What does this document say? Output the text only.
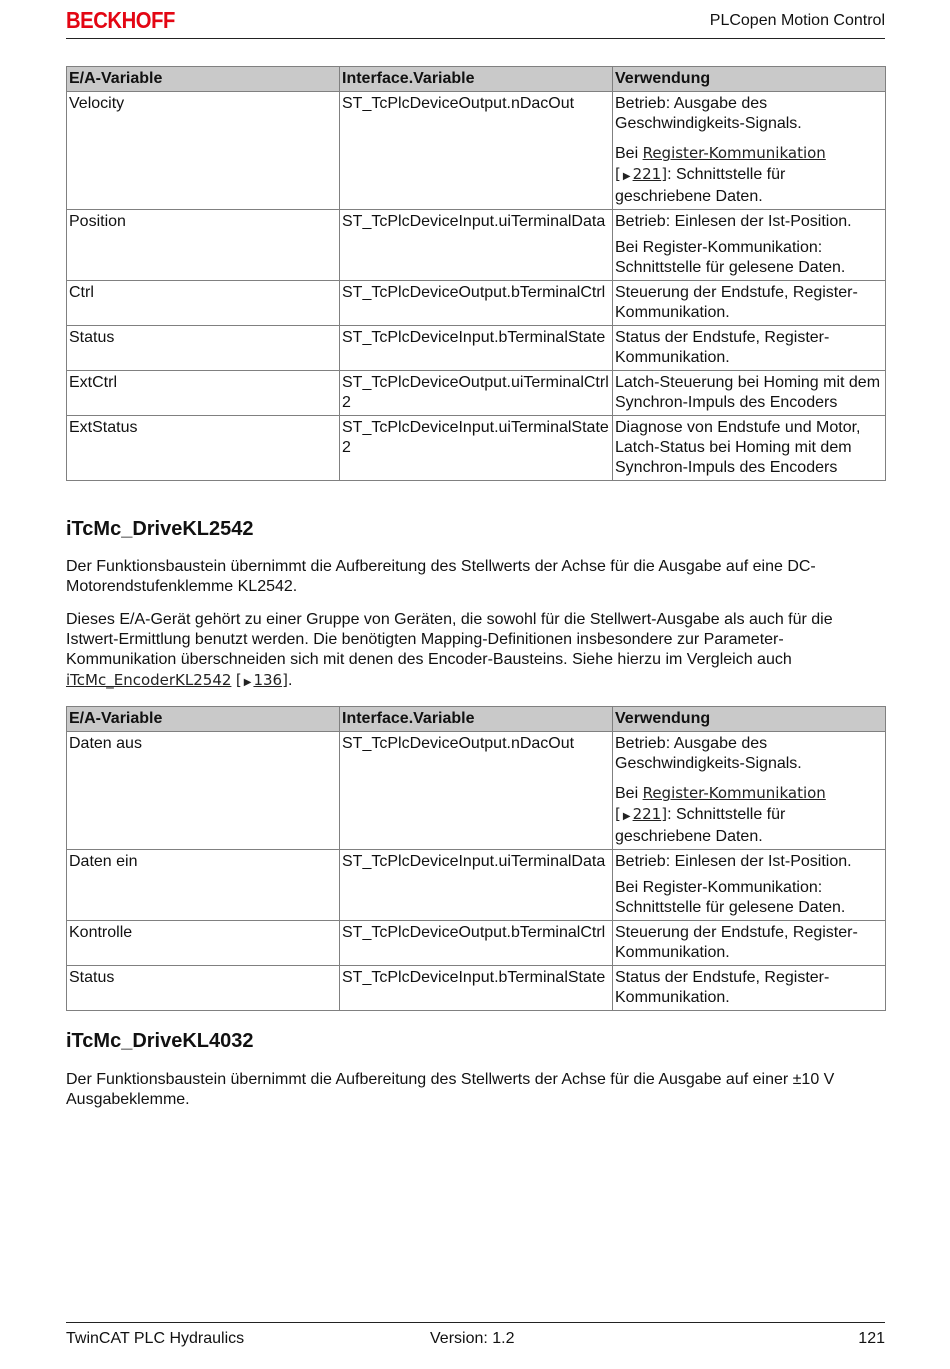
BECKHOFF	PLCopen Motion Control
E/A-Variable	Interface.Variable	Verwendung
Velocity	ST_TcPlcDeviceOutput.nDacOut	Betrieb: Ausgabe des Geschwindigkeits-Signals.
Bei Register-Kommunikation
[ ▶ 221]: Schnittstelle für geschriebene Daten.

Position	ST_TcPlcDeviceInput.uiTerminalData	Betrieb: Einlesen der Ist-Position.
Bei Register-Kommunikation: Schnittstelle für gelesene Daten.

Ctrl	ST_TcPlcDeviceOutput.bTerminalCtrl	Steuerung der Endstufe, Register-Kommunikation.
Status	ST_TcPlcDeviceInput.bTerminalState	Status der Endstufe, Register-Kommunikation.
ExtCtrl	ST_TcPlcDeviceOutput.uiTerminalCtrl2	Latch-Steuerung bei Homing mit dem Synchron-Impuls des Encoders
ExtStatus	ST_TcPlcDeviceInput.uiTerminalState2	Diagnose von Endstufe und Motor, Latch-Status bei Homing mit dem Synchron-Impuls des Encoders
iTcMc_DriveKL2542
Der Funktionsbaustein übernimmt die Aufbereitung des Stellwerts der Achse für die Ausgabe auf eine DC-Motorendstufenklemme KL2542.
Dieses E/A-Gerät gehört zu einer Gruppe von Geräten, die sowohl für die Stellwert-Ausgabe als auch für die Istwert-Ermittlung benutzt werden. Die benötigten Mapping-Definitionen insbesondere zur Parameter-Kommunikation überschneiden sich mit denen des Encoder-Bausteins. Siehe hierzu im Vergleich auch iTcMc_EncoderKL2542 [ ▶ 136].
E/A-Variable	Interface.Variable	Verwendung
Daten aus	ST_TcPlcDeviceOutput.nDacOut	Betrieb: Ausgabe des Geschwindigkeits-Signals.
Bei Register-Kommunikation
[ ▶ 221]: Schnittstelle für geschriebene Daten.

Daten ein	ST_TcPlcDeviceInput.uiTerminalData	Betrieb: Einlesen der Ist-Position.
Bei Register-Kommunikation: Schnittstelle für gelesene Daten.

Kontrolle	ST_TcPlcDeviceOutput.bTerminalCtrl	Steuerung der Endstufe, Register-Kommunikation.
Status	ST_TcPlcDeviceInput.bTerminalState	Status der Endstufe, Register-Kommunikation.
iTcMc_DriveKL4032
Der Funktionsbaustein übernimmt die Aufbereitung des Stellwerts der Achse für die Ausgabe auf einer ±10 V Ausgabeklemme.
TwinCAT PLC Hydraulics	Version: 1.2	121
